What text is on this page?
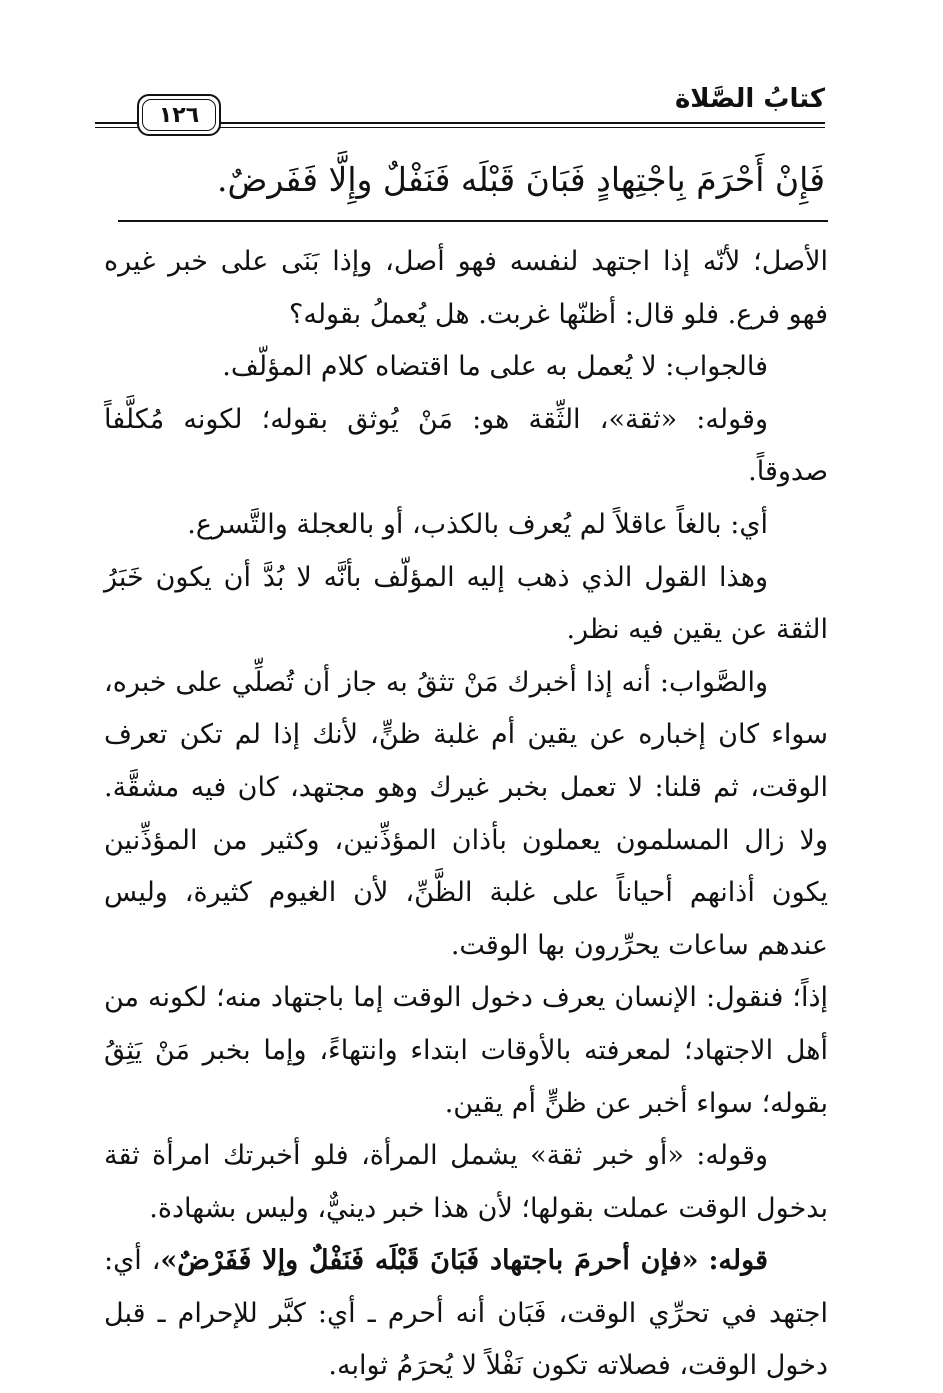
كتابُ الصَّلاة
١٢٦
فَإِنْ أَحْرَمَ بِاجْتِهادٍ فَبَانَ قَبْلَه فَنَفْلٌ وإِلَّا فَفَرضٌ.

الأصل؛ لأنّه إذا اجتهد لنفسه فهو أصل، وإذا بَنَى على خبر غيره فهو فرع. فلو قال: أظنّها غربت. هل يُعملُ بقوله؟

فالجواب: لا يُعمل به على ما اقتضاه كلام المؤلّف.

وقوله: «ثقة»، الثِّقة هو: مَنْ يُوثق بقوله؛ لكونه مُكلَّفاً صدوقاً.

أي: بالغاً عاقلاً لم يُعرف بالكذب، أو بالعجلة والتَّسرع.

وهذا القول الذي ذهب إليه المؤلّف بأنَّه لا بُدَّ أن يكون خَبَرُ الثقة عن يقين فيه نظر.

والصَّواب: أنه إذا أخبرك مَنْ تثقُ به جاز أن تُصلِّي على خبره، سواء كان إخباره عن يقين أم غلبة ظنٍّ، لأنك إذا لم تكن تعرف الوقت، ثم قلنا: لا تعمل بخبر غيرك وهو مجتهد، كان فيه مشقَّة. ولا زال المسلمون يعملون بأذان المؤذِّنين، وكثير من المؤذِّنين يكون أذانهم أحياناً على غلبة الظَّنِّ، لأن الغيوم كثيرة، وليس عندهم ساعات يحرِّرون بها الوقت.

إذاً؛ فنقول: الإنسان يعرف دخول الوقت إما باجتهاد منه؛ لكونه من أهل الاجتهاد؛ لمعرفته بالأوقات ابتداء وانتهاءً، وإما بخبر مَنْ يَثِقُ بقوله؛ سواء أخبر عن ظنٍّ أم يقين.

وقوله: «أو خبر ثقة» يشمل المرأة، فلو أخبرتك امرأة ثقة بدخول الوقت عملت بقولها؛ لأن هذا خبر دينيٌّ، وليس بشهادة.

قوله: «فإن أحرمَ باجتهاد فَبَانَ قَبْلَه فَنَفْلٌ وإلا فَفَرْضٌ»، أي: اجتهد في تحرِّي الوقت، فَبَان أنه أحرم ـ أي: كبَّر للإحرام ـ قبل دخول الوقت، فصلاته تكون نَفْلاً لا يُحرَمُ ثوابه.
